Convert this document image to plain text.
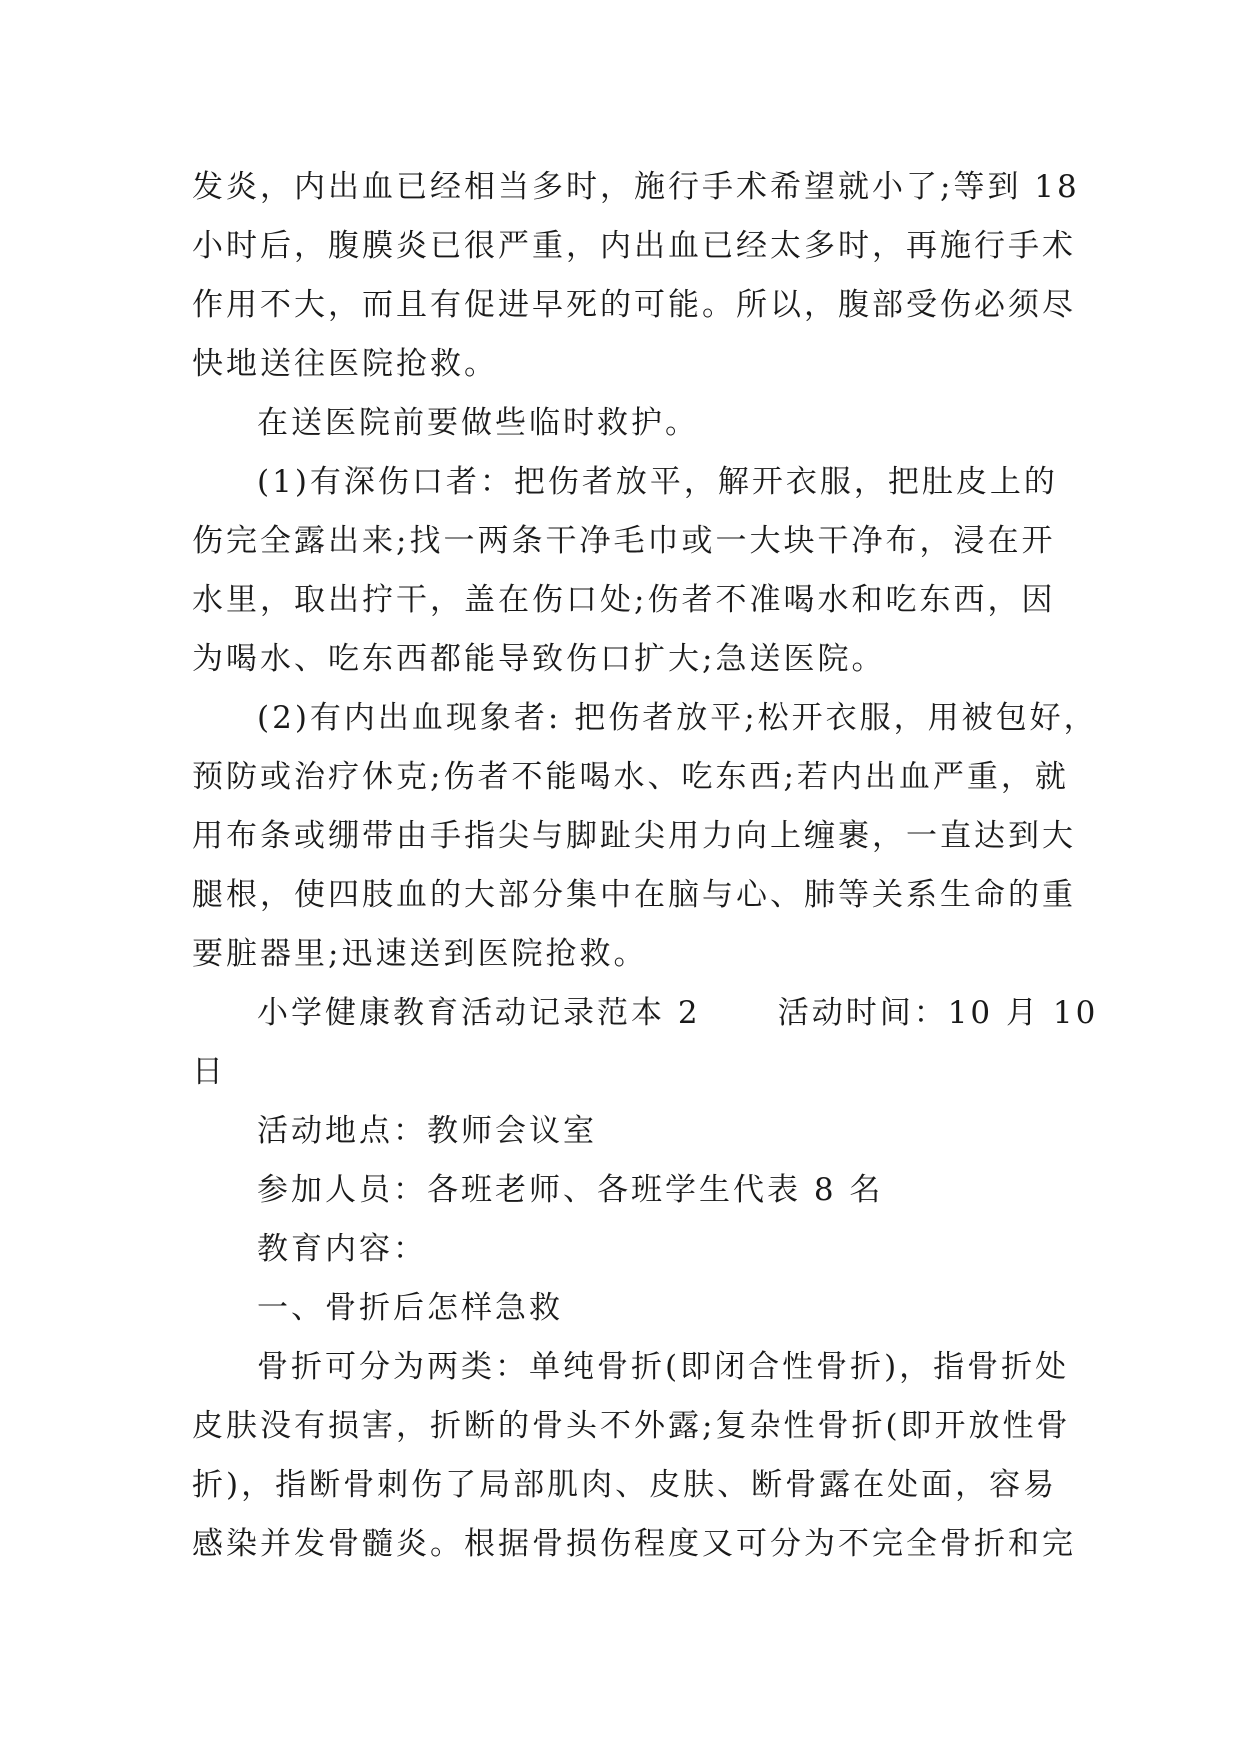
发炎，内出血已经相当多时，施行手术希望就小了;等到 18
小时后，腹膜炎已很严重，内出血已经太多时，再施行手术
作用不大，而且有促进早死的可能。所以，腹部受伤必须尽
快地送往医院抢救。
在送医院前要做些临时救护。
(1)有深伤口者：把伤者放平，解开衣服，把肚皮上的
伤完全露出来;找一两条干净毛巾或一大块干净布，浸在开
水里，取出拧干，盖在伤口处;伤者不准喝水和吃东西，因
为喝水、吃东西都能导致伤口扩大;急送医院。
(2)有内出血现象者: 把伤者放平;松开衣服，用被包好，
预防或治疗休克;伤者不能喝水、吃东西;若内出血严重，就
用布条或绷带由手指尖与脚趾尖用力向上缠裹，一直达到大
腿根，使四肢血的大部分集中在脑与心、肺等关系生命的重
要脏器里;迅速送到医院抢救。
小学健康教育活动记录范本 2      活动时间：10 月 10
日
活动地点：教师会议室
参加人员：各班老师、各班学生代表 8 名
教育内容：
一、骨折后怎样急救
骨折可分为两类：单纯骨折(即闭合性骨折)，指骨折处
皮肤没有损害，折断的骨头不外露;复杂性骨折(即开放性骨
折)，指断骨刺伤了局部肌肉、皮肤、断骨露在处面，容易
感染并发骨髓炎。根据骨损伤程度又可分为不完全骨折和完
